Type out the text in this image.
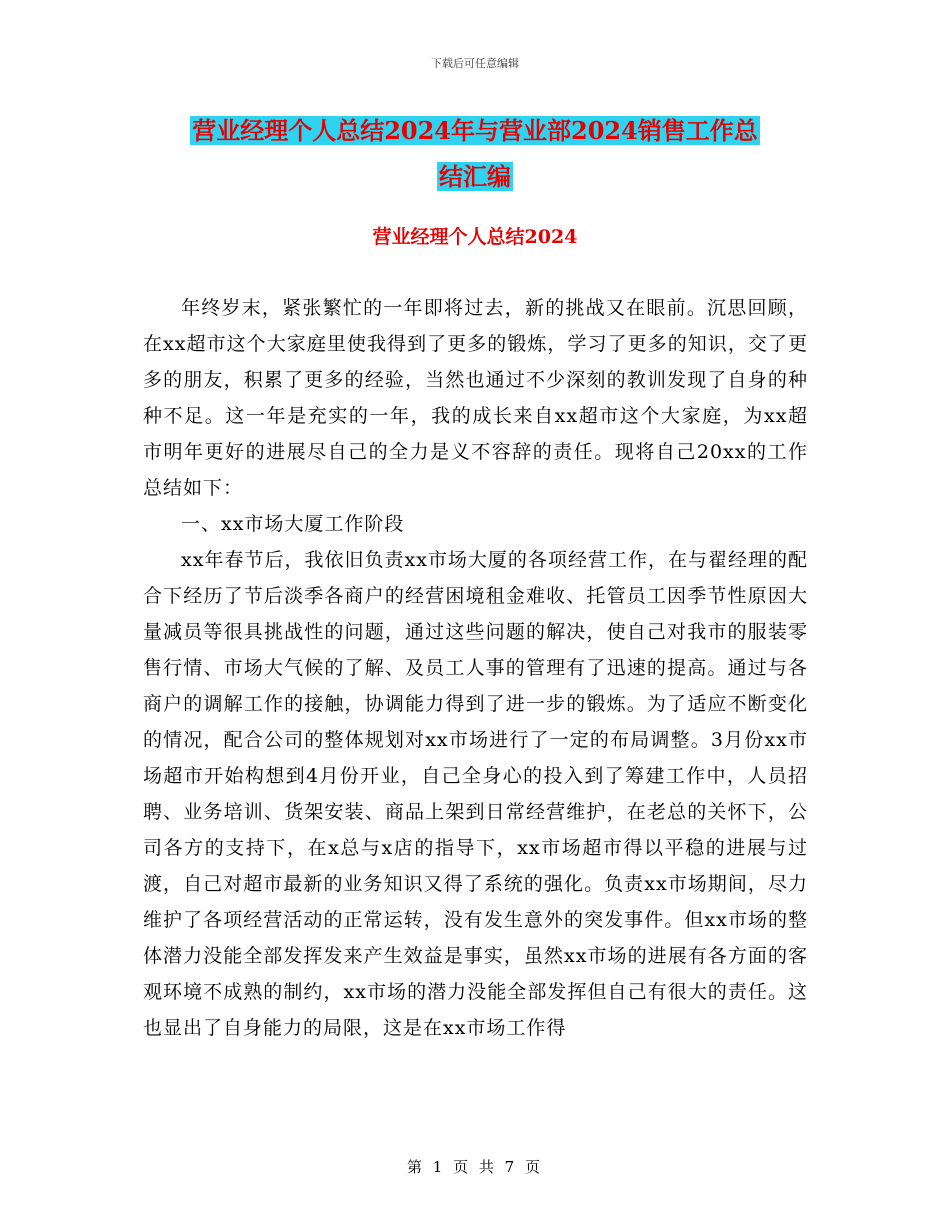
下载后可任意编辑
营业经理个人总结2024年与营业部2024销售工作总
结汇编
营业经理个人总结2024

年终岁末，紧张繁忙的一年即将过去，新的挑战又在眼前。沉思回顾，在xx超市这个大家庭里使我得到了更多的锻炼，学习了更多的知识，交了更多的朋友，积累了更多的经验，当然也通过不少深刻的教训发现了自身的种种不足。这一年是充实的一年，我的成长来自xx超市这个大家庭，为xx超市明年更好的进展尽自己的全力是义不容辞的责任。现将自己20xx的工作总结如下：

一、xx市场大厦工作阶段

xx年春节后，我依旧负责xx市场大厦的各项经营工作，在与翟经理的配合下经历了节后淡季各商户的经营困境租金难收、托管员工因季节性原因大量减员等很具挑战性的问题，通过这些问题的解决，使自己对我市的服装零售行情、市场大气候的了解、及员工人事的管理有了迅速的提高。通过与各商户的调解工作的接触，协调能力得到了进一步的锻炼。为了适应不断变化的情况，配合公司的整体规划对xx市场进行了一定的布局调整。3月份xx市场超市开始构想到4月份开业，自己全身心的投入到了筹建工作中，人员招聘、业务培训、货架安装、商品上架到日常经营维护，在老总的关怀下，公司各方的支持下，在x总与x店的指导下，xx市场超市得以平稳的进展与过渡，自己对超市最新的业务知识又得了系统的强化。负责xx市场期间，尽力维护了各项经营活动的正常运转，没有发生意外的突发事件。但xx市场的整体潜力没能全部发挥发来产生效益是事实，虽然xx市场的进展有各方面的客观环境不成熟的制约，xx市场的潜力没能全部发挥但自己有很大的责任。这也显出了自身能力的局限，这是在xx市场工作得

第 1 页 共 7 页
